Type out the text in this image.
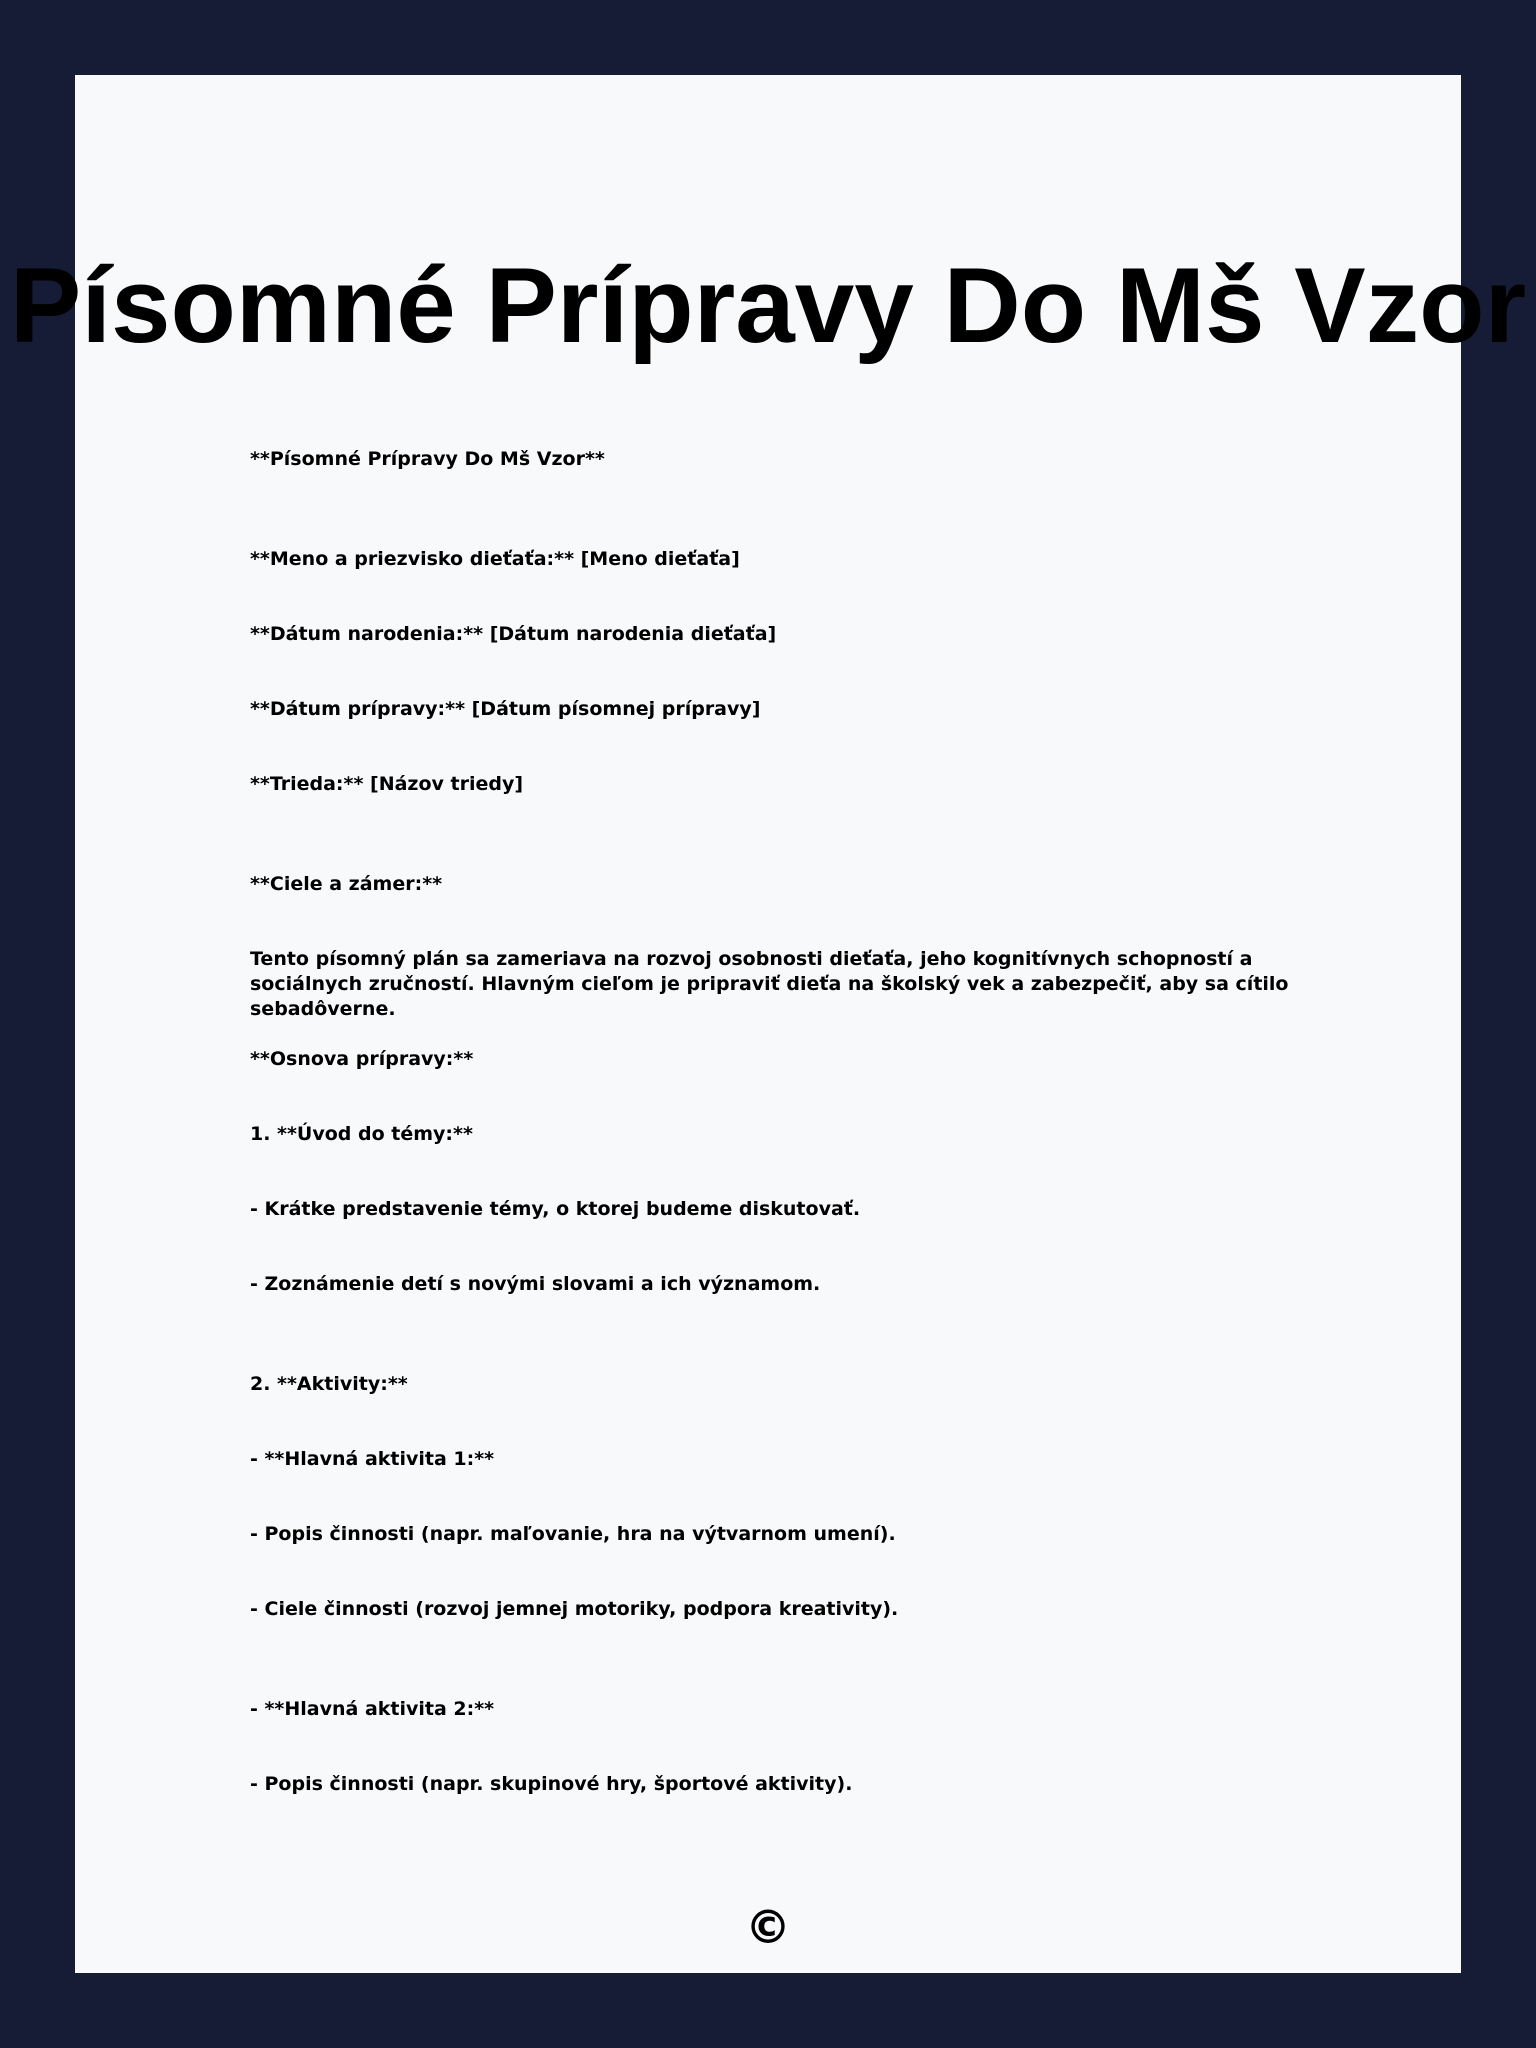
Písomné Prípravy Do Mš Vzor

**Písomné Prípravy Do Mš Vzor**

**Meno a priezvisko dieťaťa:** [Meno dieťaťa]

**Dátum narodenia:** [Dátum narodenia dieťaťa]

**Dátum prípravy:** [Dátum písomnej prípravy]

**Trieda:** [Názov triedy]

**Ciele a zámer:**

Tento písomný plán sa zameriava na rozvoj osobnosti dieťaťa, jeho kognitívnych schopností a sociálnych zručností. Hlavným cieľom je pripraviť dieťa na školský vek a zabezpečiť, aby sa cítilo sebadôverne.

**Osnova prípravy:**

1. **Úvod do témy:**

- Krátke predstavenie témy, o ktorej budeme diskutovať.

- Zoznámenie detí s novými slovami a ich významom.

2. **Aktivity:**

- **Hlavná aktivita 1:**

- Popis činnosti (napr. maľovanie, hra na výtvarnom umení).

- Ciele činnosti (rozvoj jemnej motoriky, podpora kreativity).

- **Hlavná aktivita 2:**

- Popis činnosti (napr. skupinové hry, športové aktivity).

©
